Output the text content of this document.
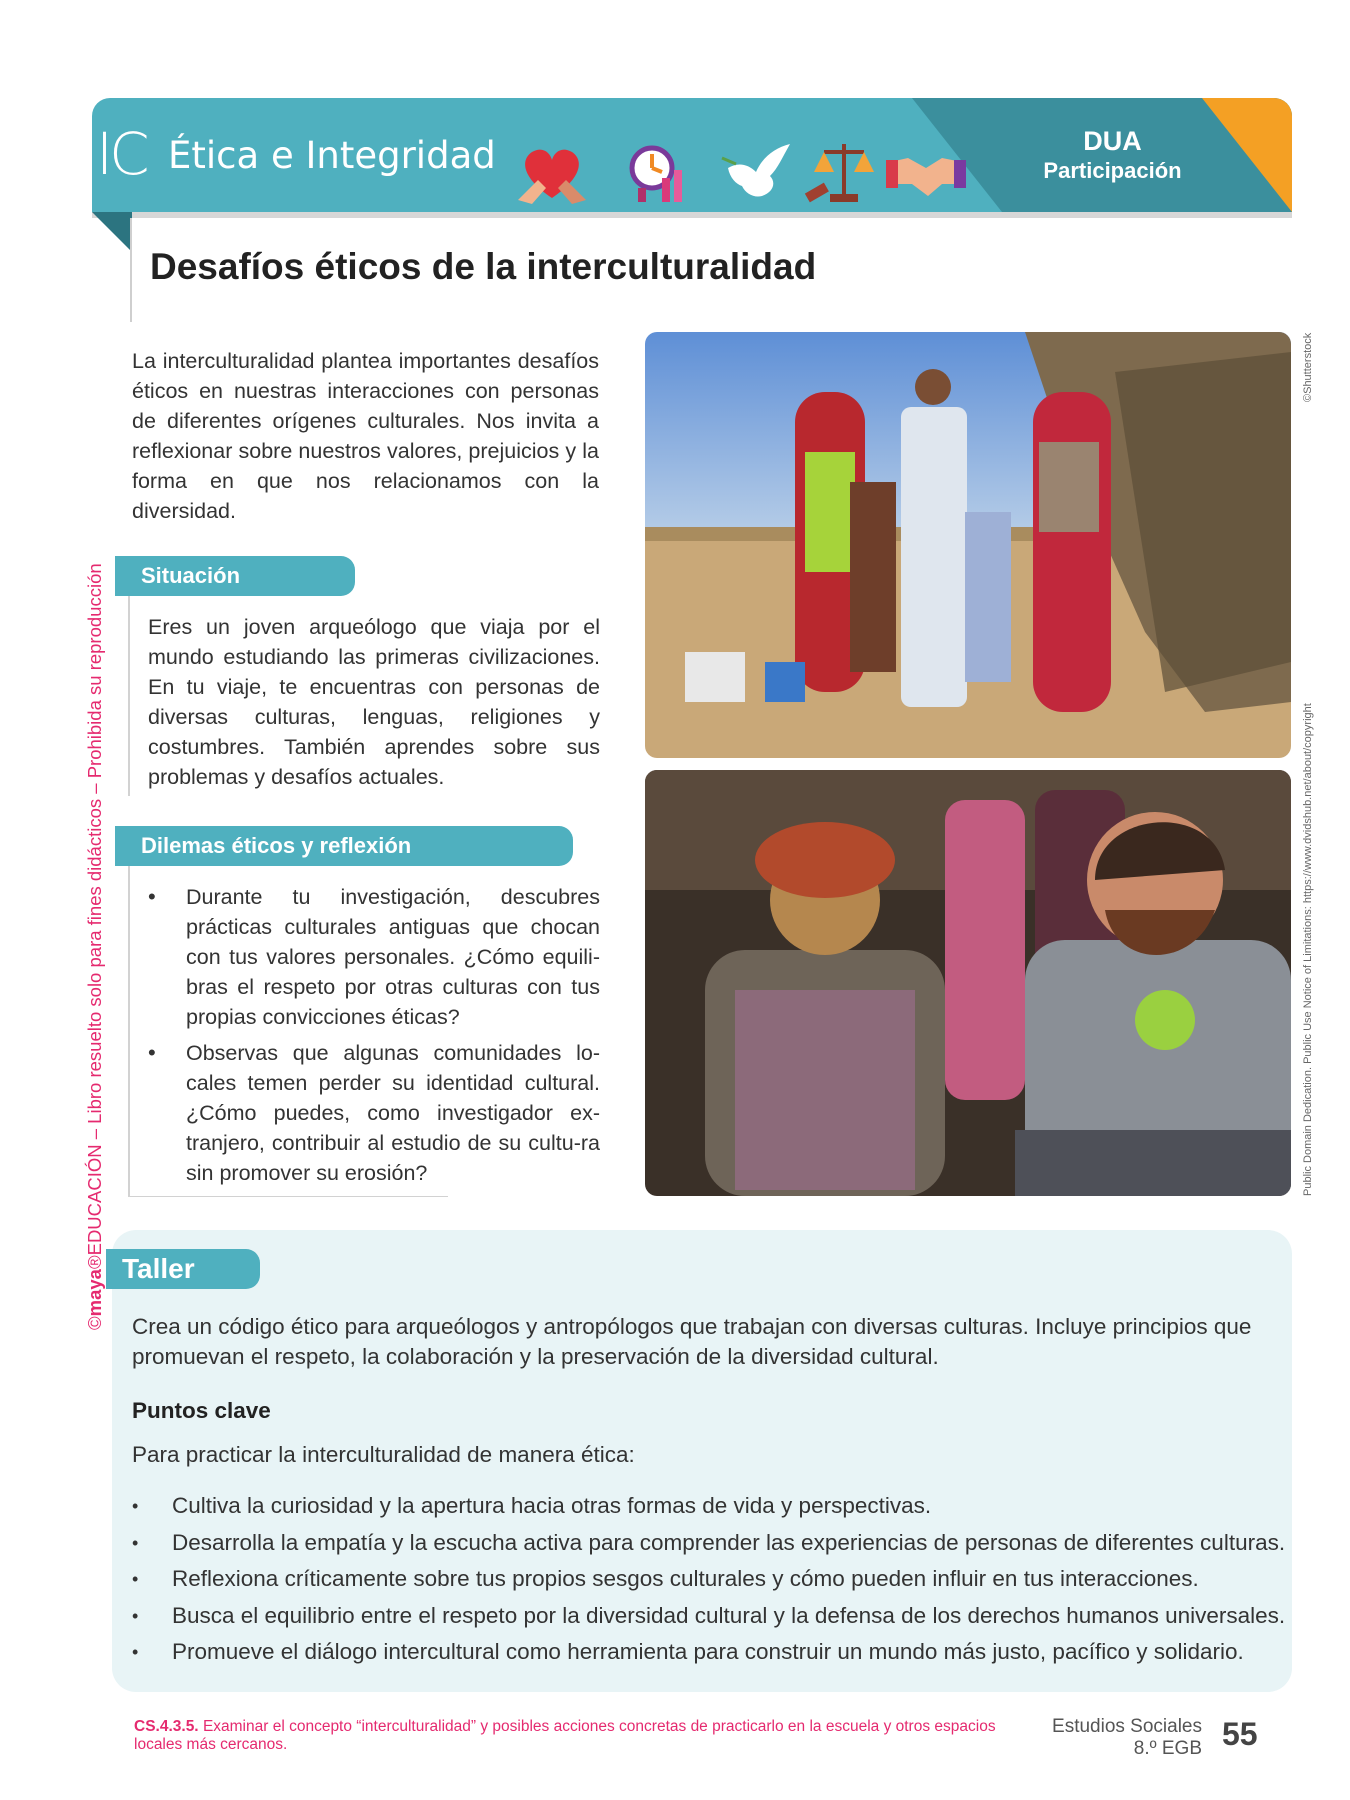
IC Ética e Integridad	DUA
Participación
Desafíos éticos de la interculturalidad
La interculturalidad plantea importantes desafíos éticos en nuestras interacciones con personas de diferentes orígenes culturales. Nos invita a reflexionar sobre nuestros valores, prejuicios y la forma en que nos relacionamos con la diversidad.
Situación
Eres un joven arqueólogo que viaja por el mundo estudiando las primeras civilizaciones. En tu viaje, te encuentras con personas de diversas culturas, lenguas, religiones y costumbres. También aprendes sobre sus problemas y desafíos actuales.
Dilemas éticos y reflexión
• Durante tu investigación, descubres prácticas culturales antiguas que chocan con tus valores personales. ¿Cómo equili-bras el respeto por otras culturas con tus propias convicciones éticas?
• Observas que algunas comunidades lo-cales temen perder su identidad cultural. ¿Cómo puedes, como investigador ex-tranjero, contribuir al estudio de su cultu-ra sin promover su erosión?
©Shutterstock
Public Domain Dedication. Public Use Notice of Limitations: https://www.dvidshub.net/about/copyright
©maya®EDUCACIÓN – Libro resuelto solo para fines didácticos – Prohibida su reproducción Taller
Crea un código ético para arqueólogos y antropólogos que trabajan con diversas culturas. Incluye principios que promuevan el respeto, la colaboración y la preservación de la diversidad cultural.
Puntos clave
Para practicar la interculturalidad de manera ética:
• Cultiva la curiosidad y la apertura hacia otras formas de vida y perspectivas.
• Desarrolla la empatía y la escucha activa para comprender las experiencias de personas de diferentes culturas.
• Reflexiona críticamente sobre tus propios sesgos culturales y cómo pueden influir en tus interacciones.
• Busca el equilibrio entre el respeto por la diversidad cultural y la defensa de los derechos humanos universales.
• Promueve el diálogo intercultural como herramienta para construir un mundo más justo, pacífico y solidario.
CS.4.3.5. Examinar el concepto “interculturalidad” y posibles acciones concretas de practicarlo en la escuela y otros espacios locales más cercanos.
Estudios Sociales
8.º EGB 55
